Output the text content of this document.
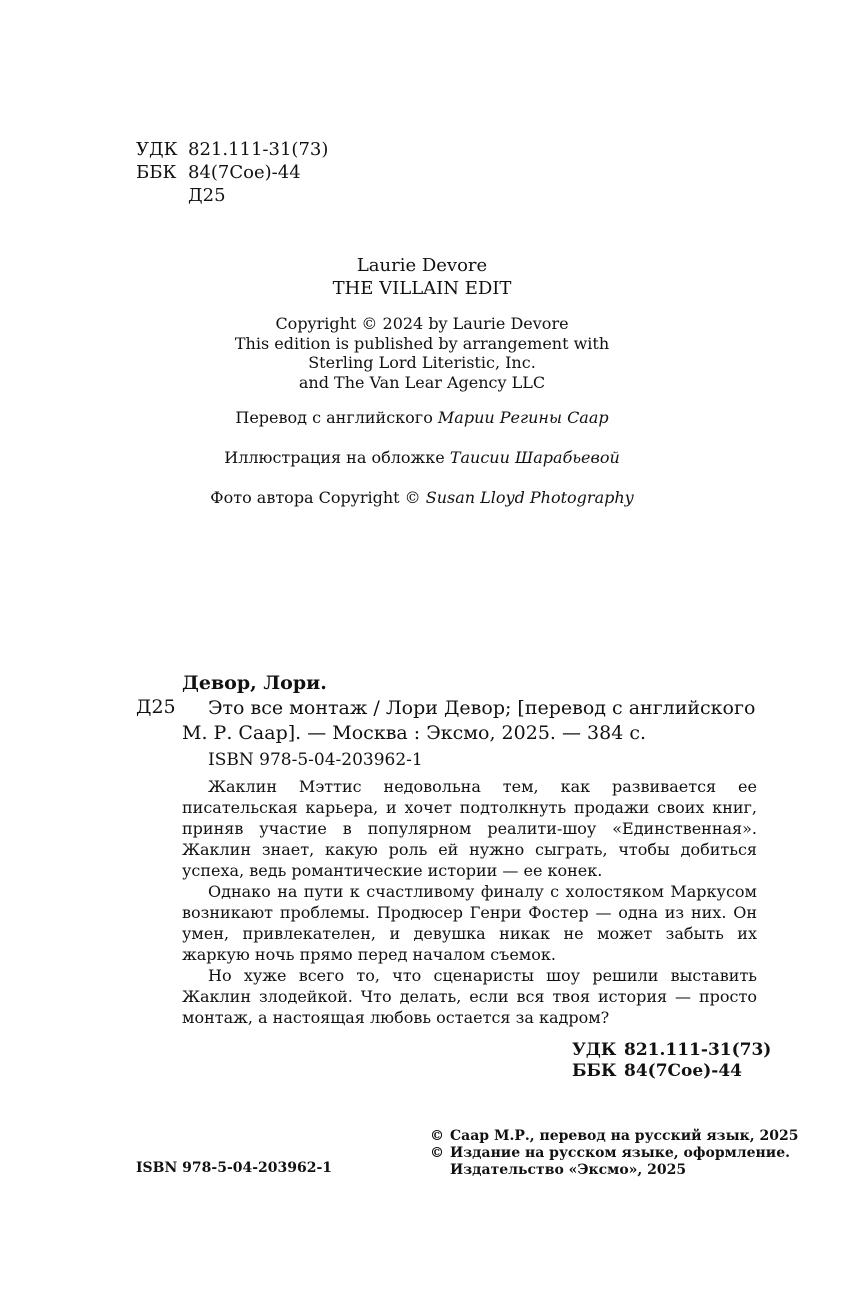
УДК 821.111-31(73)
ББК 84(7Сое)-44
Д25
Laurie Devore
THE VILLAIN EDIT
Copyright © 2024 by Laurie Devore
This edition is published by arrangement with
Sterling Lord Literistic, Inc.
and The Van Lear Agency LLC
Перевод с английского Марии Регины Саар
Иллюстрация на обложке Таисии Шарабьевой
Фото автора Copyright © Susan Lloyd Photography
Девор, Лори.
Д25	Это все монтаж / Лори Девор; [перевод с английского М. Р. Саар]. — Москва : Эксмо, 2025. — 384 с.
ISBN 978-5-04-203962-1

Жаклин Мэттис недовольна тем, как развивается ее писательская карьера, и хочет подтолкнуть продажи своих книг, приняв участие в популярном реалити-шоу «Единственная». Жаклин знает, какую роль ей нужно сыграть, чтобы добиться успеха, ведь романтические истории — ее конек.

Однако на пути к счастливому финалу с холостяком Маркусом возникают проблемы. Продюсер Генри Фостер — одна из них. Он умен, привлекателен, и девушка никак не может забыть их жаркую ночь прямо перед началом съемок.

Но хуже всего то, что сценаристы шоу решили выставить Жаклин злодейкой. Что делать, если вся твоя история — просто монтаж, а настоящая любовь остается за кадром?

УДК 821.111-31(73)
ББК 84(7Сое)-44
ISBN 978-5-04-203962-1
© Саар М.Р., перевод на русский язык, 2025
© Издание на русском языке, оформление.
Издательство «Эксмо», 2025
